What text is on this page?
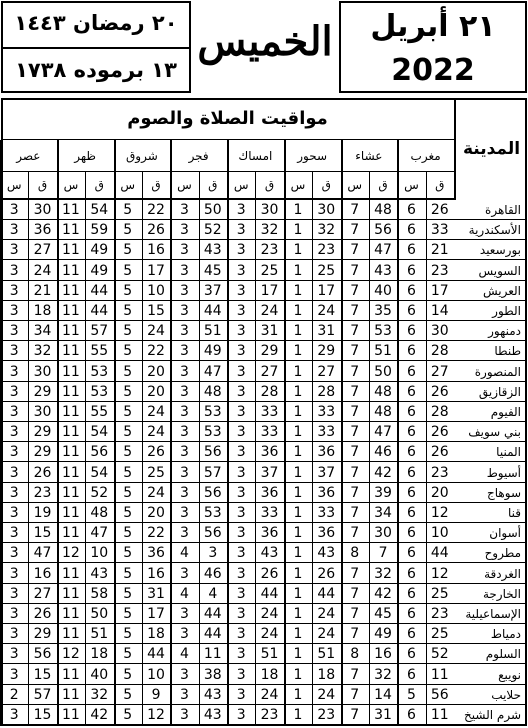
٢٠ رمضان ١٤٤٣
١٣ برموده ١٧٣٨
الخميس	٢١ أبريل
2022
مواقيت الصلاة والصوم
المدينة
مغرب
ق
س
عشاء
ق
س
سحور
ق
س
امساك
ق
س
فجر
ق
س
شروق
ق
س
ظهر
ق
س
عصر
ق
س
القاهرة
26
6
48
7
30
1
30
3
50
3
22
5
54
11
30
3
الأسكندرية
33
6
56
7
32
1
32
3
52
3
26
5
59
11
36
3
بورسعيد
21
6
47
7
23
1
23
3
43
3
16
5
49
11
27
3
السويس
23
6
43
7
25
1
25
3
45
3
17
5
49
11
24
3
العريش
17
6
40
7
17
1
17
3
37
3
10
5
44
11
21
3
الطور
14
6
35
7
24
1
24
3
44
3
15
5
44
11
18
3
دمنهور
30
6
53
7
31
1
31
3
51
3
24
5
57
11
34
3
طنطا
28
6
51
7
29
1
29
3
49
3
22
5
55
11
32
3
المنصورة
27
6
50
7
27
1
27
3
47
3
20
5
53
11
30
3
الزقازيق
26
6
48
7
28
1
28
3
48
3
20
5
53
11
29
3
الفيوم
28
6
48
7
33
1
33
3
53
3
24
5
55
11
30
3
بني سويف
26
6
47
7
33
1
33
3
53
3
24
5
54
11
29
3
المنيا
26
6
46
7
36
1
36
3
56
3
26
5
56
11
29
3
أسيوط
23
6
42
7
37
1
37
3
57
3
25
5
54
11
26
3
سوهاج
20
6
39
7
36
1
36
3
56
3
24
5
52
11
23
3
قنا
12
6
34
7
33
1
33
3
53
3
20
5
48
11
19
3
أسوان
10
6
30
7
36
1
36
3
56
3
22
5
47
11
15
3
مطروح
44
6
7
8
43
1
43
3
3
4
36
5
10
12
47
3
الغردقة
12
6
32
7
26
1
26
3
46
3
16
5
43
11
16
3
الخارجة
25
6
42
7
44
1
44
3
4
4
31
5
58
11
27
3
الإسماعيلية
23
6
45
7
24
1
24
3
44
3
17
5
50
11
26
3
دمياط
25
6
49
7
24
1
24
3
44
3
18
5
51
11
29
3
السلوم
52
6
16
8
51
1
51
3
11
4
44
5
18
12
56
3
نويبع
11
6
32
7
18
1
18
3
38
3
10
5
40
11
15
3
حلايب
56
5
14
7
24
1
24
3
43
3
9
5
32
11
57
2
شرم الشيخ
11
6
31
7
23
1
23
3
43
3
12
5
42
11
15
3
